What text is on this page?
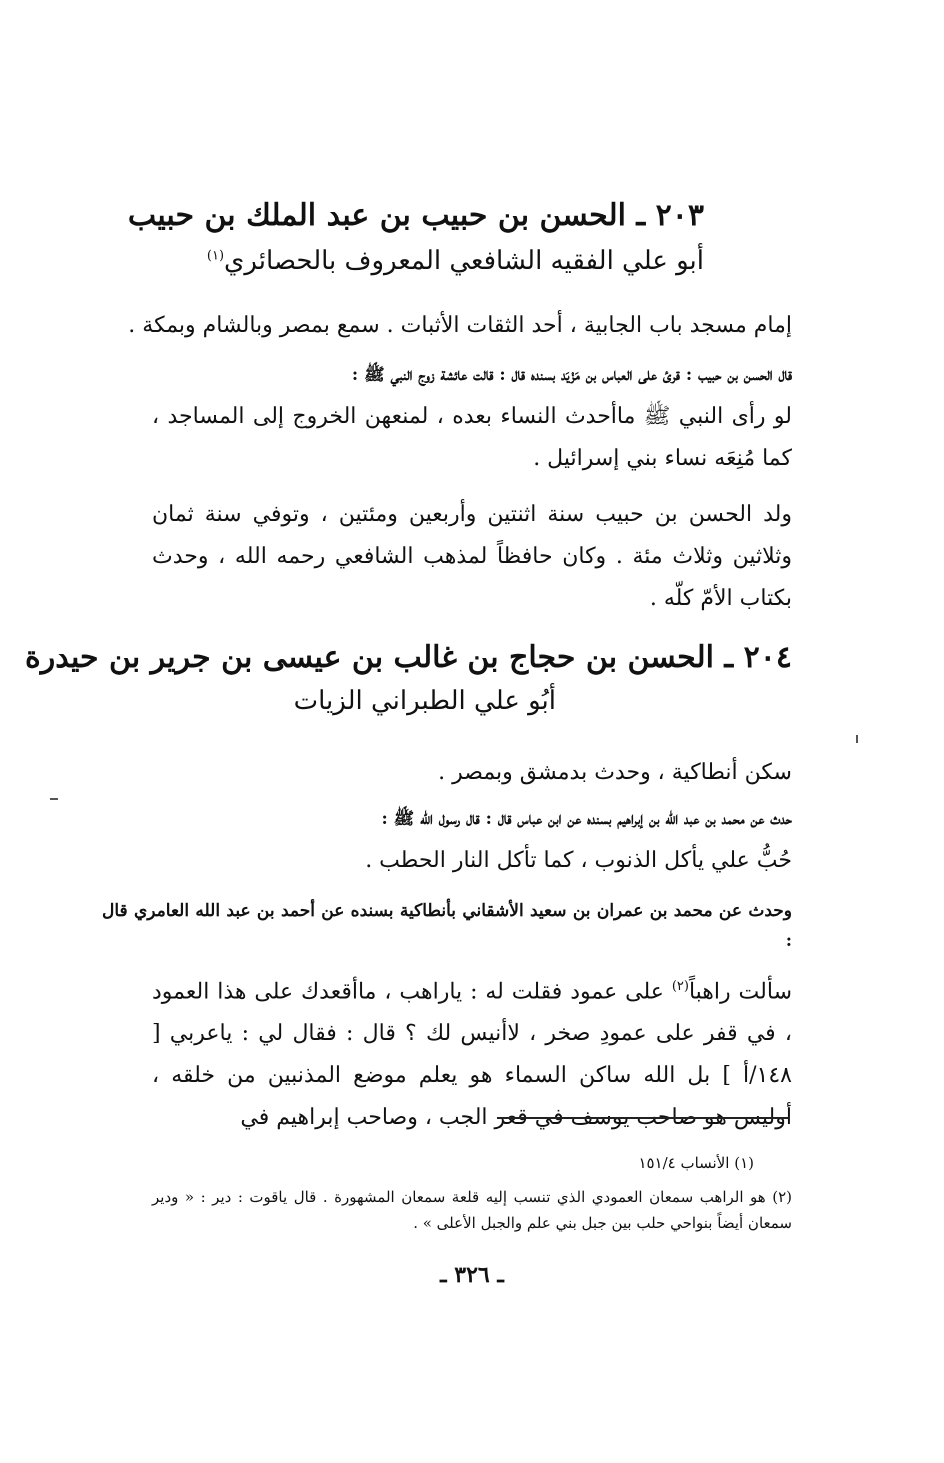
٢٠٣ ـ الحسن بن حبيب بن عبد الملك بن حبيب
أبو علي الفقيه الشافعي المعروف بالحصائري$^{(١)}$
إمام مسجد باب الجابية ، أحد الثقات الأثبات . سمع بمصر وبالشام وبمكة .
قال الحسن بن حبيب : قرئ على العباس بن مَزْيَد بسنده قال : قالت عائشة زوج النبي ﷺ :
لو رأى النبي ﷺ ماأحدث النساء بعده ، لمنعهن الخروج إلى المساجد ، كما مُنِعَه نساء بني إسرائيل .
ولد الحسن بن حبيب سنة اثنتين وأربعين ومئتين ، وتوفي سنة ثمان وثلاثين وثلاث مئة . وكان حافظاً لمذهب الشافعي رحمه الله ، وحدث بكتاب الأمّ كلّه .
٢٠٤ ـ الحسن بن حجاج بن غالب بن عيسى بن جرير بن حيدرة
أبُو علي الطبراني الزيات
سكن أنطاكية ، وحدث بدمشق وبمصر .
حدث عن محمد بن عبد الله بن إبراهيم بسنده عن ابن عباس قال : قال رسول الله ﷺ :
حُبُّ علي يأكل الذنوب ، كما تأكل النار الحطب .
وحدث عن محمد بن عمران بن سعيد الأشقاني بأنطاكية بسنده عن أحمد بن عبد الله العامري قال :
سألت راهباً$^{(٢)}$ على عمود فقلت له : ياراهب ، ماأقعدك على هذا العمود ، في قفر على عمودِ صخر ، لاأنيس لك ؟ قال : فقال لي : ياعربي [ ١٤٨/أ ] بل الله ساكن السماء هو يعلم موضع المذنبين من خلقه ، أوليس هو صاحب يوسف في قعر الجب ، وصاحب إبراهيم في
(١) الأنساب ١٥١/٤
(٢) هو الراهب سمعان العمودي الذي تنسب إليه قلعة سمعان المشهورة . قال ياقوت : دير : « ودير سمعان أيضاً بنواحي حلب بين جبل بني علم والجبل الأعلى » .
ـ ٣٢٦ ـ
